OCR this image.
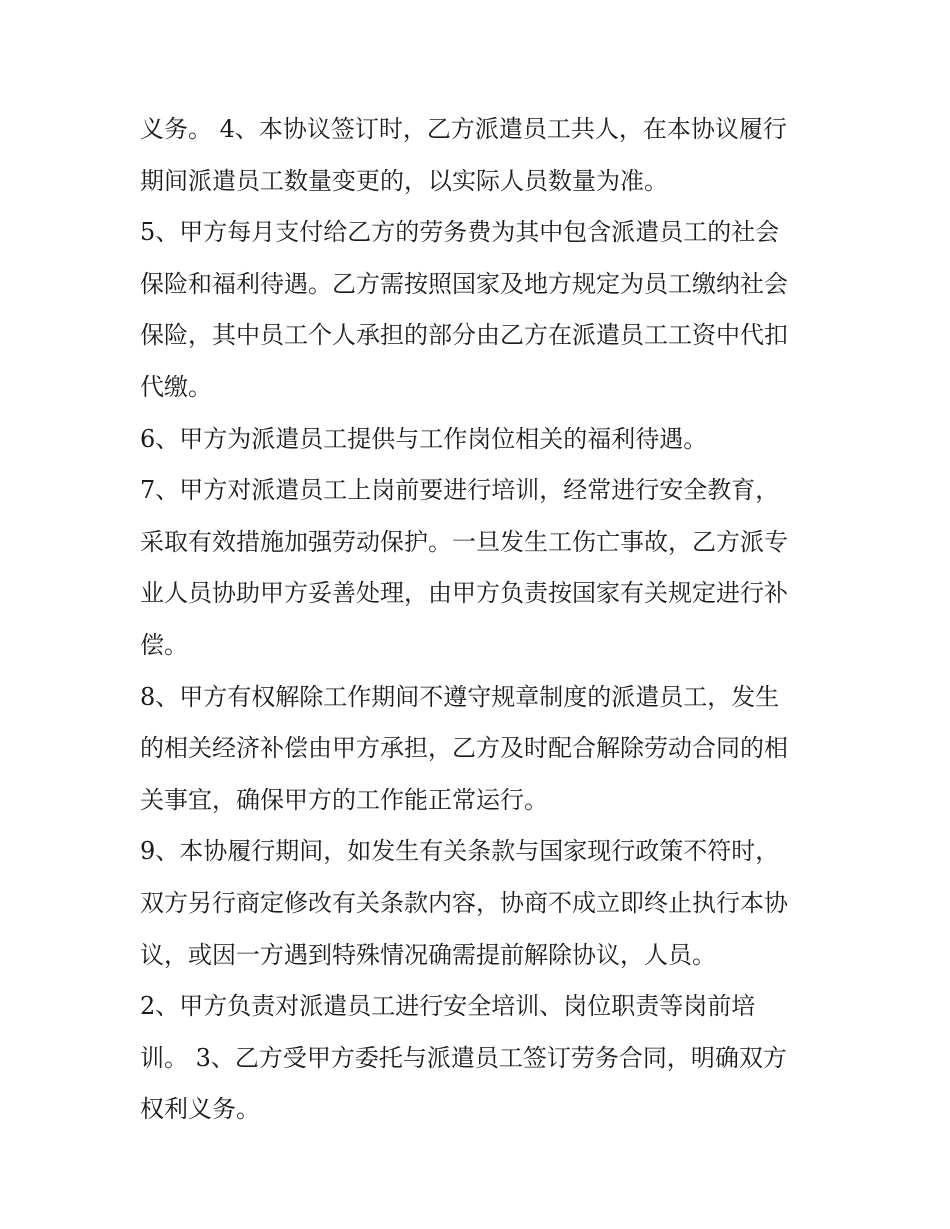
义务。 4、本协议签订时，乙方派遣员工共人，在本协议履行
期间派遣员工数量变更的，以实际人员数量为准。
5、甲方每月支付给乙方的劳务费为其中包含派遣员工的社会
保险和福利待遇。乙方需按照国家及地方规定为员工缴纳社会
保险，其中员工个人承担的部分由乙方在派遣员工工资中代扣
代缴。
6、甲方为派遣员工提供与工作岗位相关的福利待遇。
7、甲方对派遣员工上岗前要进行培训，经常进行安全教育，
采取有效措施加强劳动保护。一旦发生工伤亡事故，乙方派专
业人员协助甲方妥善处理，由甲方负责按国家有关规定进行补
偿。
8、甲方有权解除工作期间不遵守规章制度的派遣员工，发生
的相关经济补偿由甲方承担，乙方及时配合解除劳动合同的相
关事宜，确保甲方的工作能正常运行。
9、本协履行期间，如发生有关条款与国家现行政策不符时，
双方另行商定修改有关条款内容，协商不成立即终止执行本协
议，或因一方遇到特殊情况确需提前解除协议，人员。
2、甲方负责对派遣员工进行安全培训、岗位职责等岗前培
训。 3、乙方受甲方委托与派遣员工签订劳务合同，明确双方
权利义务。
